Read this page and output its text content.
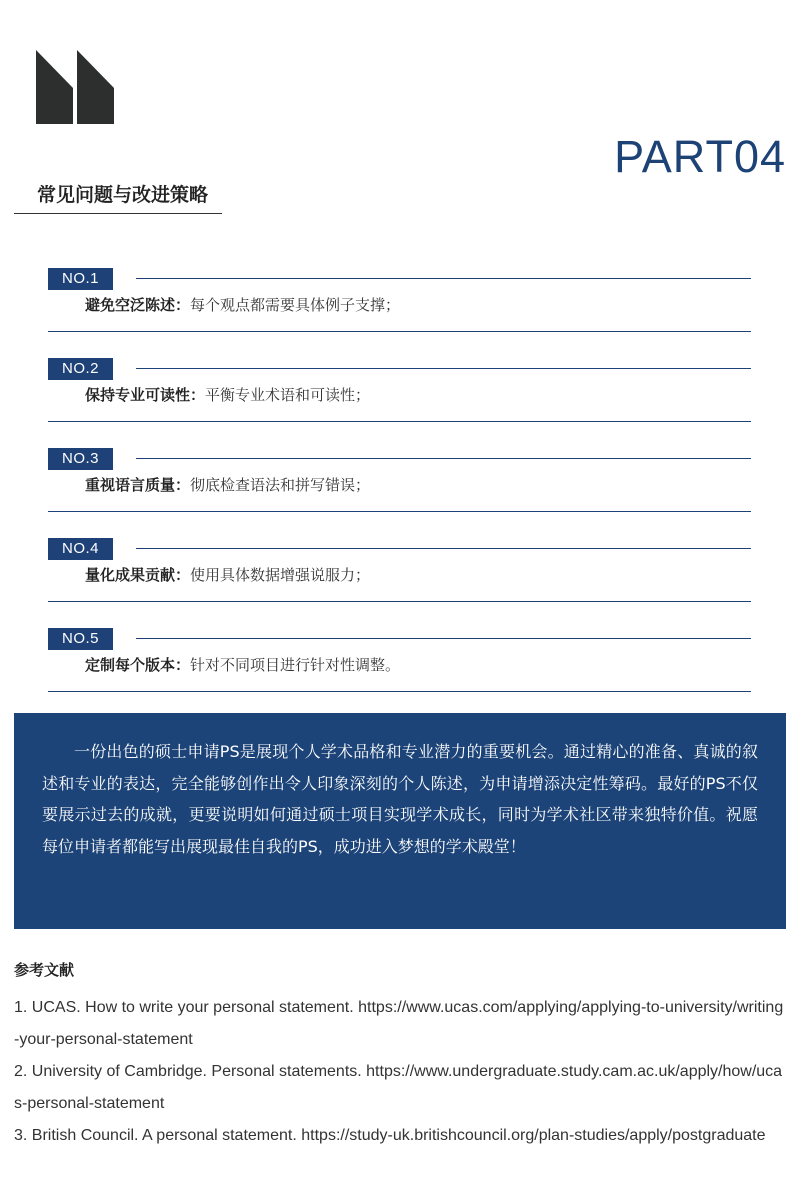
PART04
常见问题与改进策略
NO.1
避免空泛陈述：每个观点都需要具体例子支撑；
NO.2
保持专业可读性：平衡专业术语和可读性；
NO.3
重视语言质量：彻底检查语法和拼写错误；
NO.4
量化成果贡献：使用具体数据增强说服力；
NO.5
定制每个版本：针对不同项目进行针对性调整。

一份出色的硕士申请PS是展现个人学术品格和专业潜力的重要机会。通过精心的准备、真诚的叙述和专业的表达，完全能够创作出令人印象深刻的个人陈述，为申请增添决定性筹码。最好的PS不仅要展示过去的成就，更要说明如何通过硕士项目实现学术成长，同时为学术社区带来独特价值。祝愿每位申请者都能写出展现最佳自我的PS，成功进入梦想的学术殿堂！

参考文献
1. UCAS. How to write your personal statement. https://www.ucas.com/applying/applying-to-university/writing-your-personal-statement
2. University of Cambridge. Personal statements. https://www.undergraduate.study.cam.ac.uk/apply/how/ucas-personal-statement
3. British Council. A personal statement. https://study-uk.britishcouncil.org/plan-studies/apply/postgraduate
